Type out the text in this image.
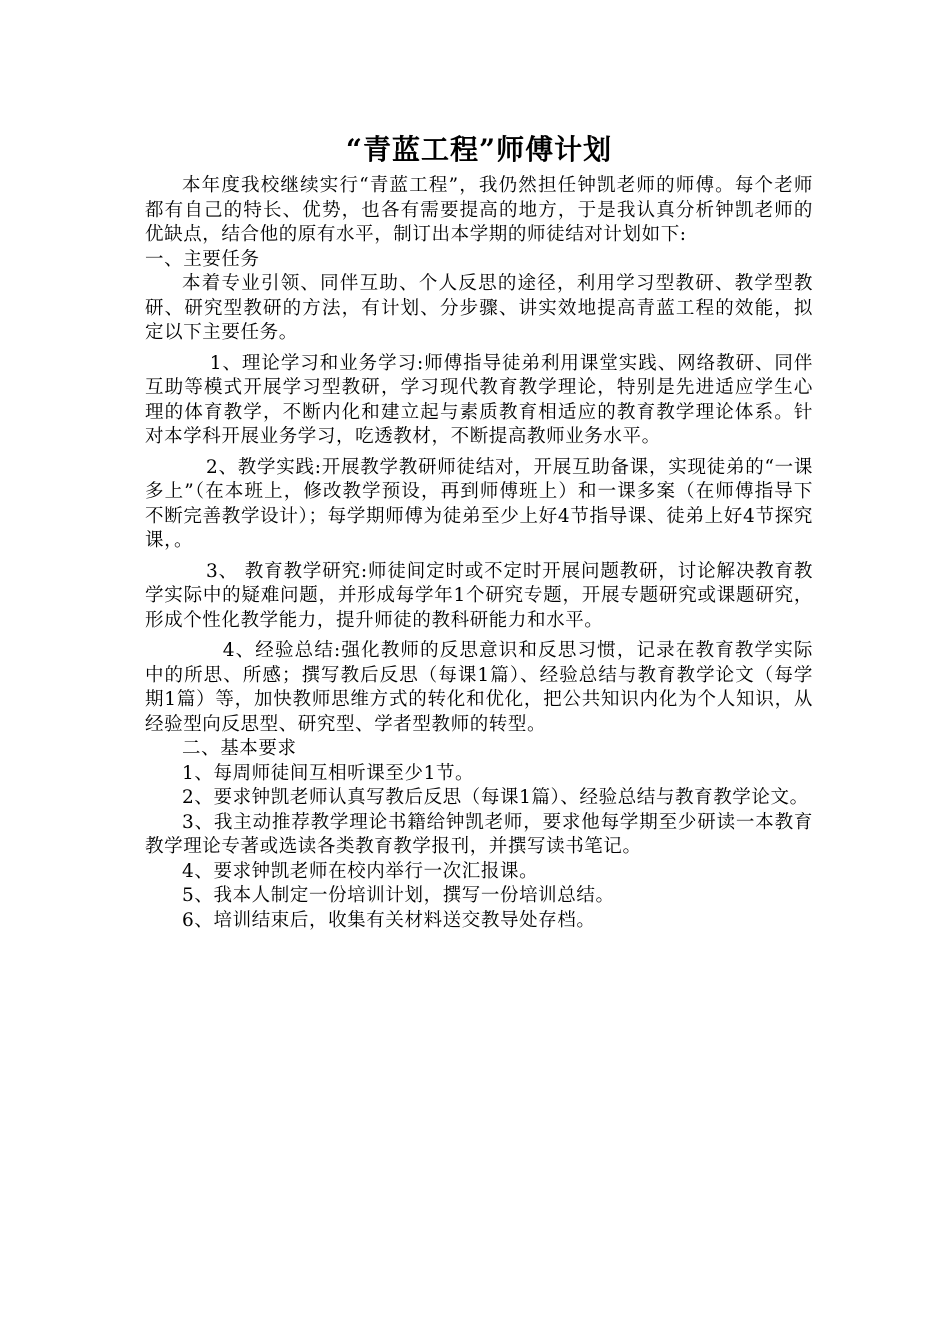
“青蓝工程”师傅计划

本年度我校继续实行“青蓝工程”，我仍然担任钟凯老师的师傅。每个老师都有自己的特长、优势，也各有需要提高的地方，于是我认真分析钟凯老师的优缺点，结合他的原有水平，制订出本学期的师徒结对计划如下:

一、主要任务

本着专业引领、同伴互助、个人反思的途径，利用学习型教研、教学型教研、研究型教研的方法，有计划、分步骤、讲实效地提高青蓝工程的效能，拟定以下主要任务。

1、理论学习和业务学习:师傅指导徒弟利用课堂实践、网络教研、同伴互助等模式开展学习型教研，学习现代教育教学理论，特别是先进适应学生心理的体育教学，不断内化和建立起与素质教育相适应的教育教学理论体系。针对本学科开展业务学习，吃透教材，不断提高教师业务水平。

2、教学实践:开展教学教研师徒结对，开展互助备课，实现徒弟的“一课多上”（在本班上，修改教学预设，再到师傅班上）和一课多案（在师傅指导下不断完善教学设计）；每学期师傅为徒弟至少上好4节指导课、徒弟上好4节探究课，。

3、 教育教学研究:师徒间定时或不定时开展问题教研，讨论解决教育教学实际中的疑难问题，并形成每学年1个研究专题，开展专题研究或课题研究，形成个性化教学能力，提升师徒的教科研能力和水平。

4、经验总结:强化教师的反思意识和反思习惯，记录在教育教学实际中的所思、所感；撰写教后反思（每课1篇）、经验总结与教育教学论文（每学期1篇）等，加快教师思维方式的转化和优化，把公共知识内化为个人知识，从经验型向反思型、研究型、学者型教师的转型。

二、基本要求

1、每周师徒间互相听课至少1节。

2、要求钟凯老师认真写教后反思（每课1篇）、经验总结与教育教学论文。

3、我主动推荐教学理论书籍给钟凯老师，要求他每学期至少研读一本教育教学理论专著或选读各类教育教学报刊，并撰写读书笔记。

4、要求钟凯老师在校内举行一次汇报课。

5、我本人制定一份培训计划，撰写一份培训总结。

6、培训结束后，收集有关材料送交教导处存档。
